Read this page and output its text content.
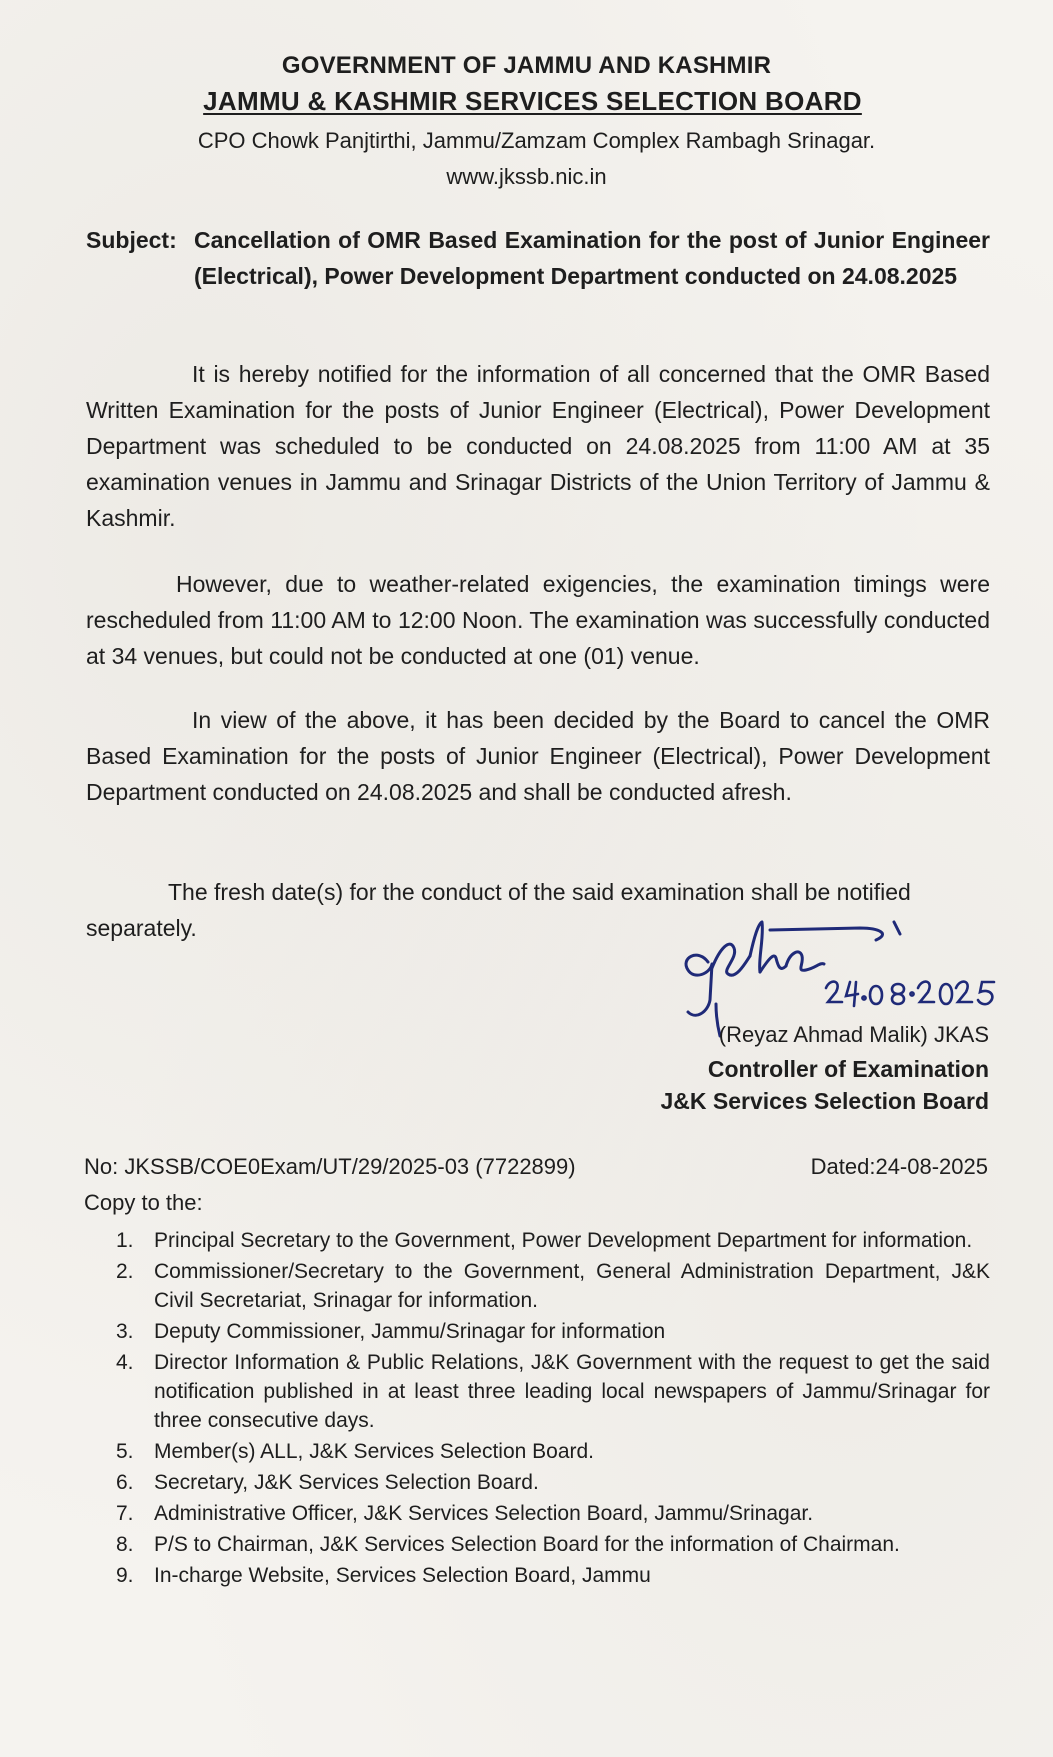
GOVERNMENT OF JAMMU AND KASHMIR
JAMMU & KASHMIR SERVICES SELECTION BOARD
CPO Chowk Panjtirthi, Jammu/Zamzam Complex Rambagh Srinagar.
www.jkssb.nic.in
Subject: Cancellation of OMR Based Examination for the post of Junior Engineer (Electrical), Power Development Department conducted on 24.08.2025
It is hereby notified for the information of all concerned that the OMR Based Written Examination for the posts of Junior Engineer (Electrical), Power Development Department was scheduled to be conducted on 24.08.2025 from 11:00 AM at 35 examination venues in Jammu and Srinagar Districts of the Union Territory of Jammu & Kashmir.
However, due to weather-related exigencies, the examination timings were rescheduled from 11:00 AM to 12:00 Noon. The examination was successfully conducted at 34 venues, but could not be conducted at one (01) venue.
In view of the above, it has been decided by the Board to cancel the OMR Based Examination for the posts of Junior Engineer (Electrical), Power Development Department conducted on 24.08.2025 and shall be conducted afresh.
The fresh date(s) for the conduct of the said examination shall be notified separately.
(Reyaz Ahmad Malik) JKAS
Controller of Examination
J&K Services Selection Board
No: JKSSB/COE0Exam/UT/29/2025-03 (7722899)	Dated:24-08-2025
Copy to the:
1. Principal Secretary to the Government, Power Development Department for information.
2. Commissioner/Secretary to the Government, General Administration Department, J&K Civil Secretariat, Srinagar for information.
3. Deputy Commissioner, Jammu/Srinagar for information
4. Director Information & Public Relations, J&K Government with the request to get the said notification published in at least three leading local newspapers of Jammu/Srinagar for three consecutive days.
5. Member(s) ALL, J&K Services Selection Board.
6. Secretary, J&K Services Selection Board.
7. Administrative Officer, J&K Services Selection Board, Jammu/Srinagar.
8. P/S to Chairman, J&K Services Selection Board for the information of Chairman.
9. In-charge Website, Services Selection Board, Jammu
